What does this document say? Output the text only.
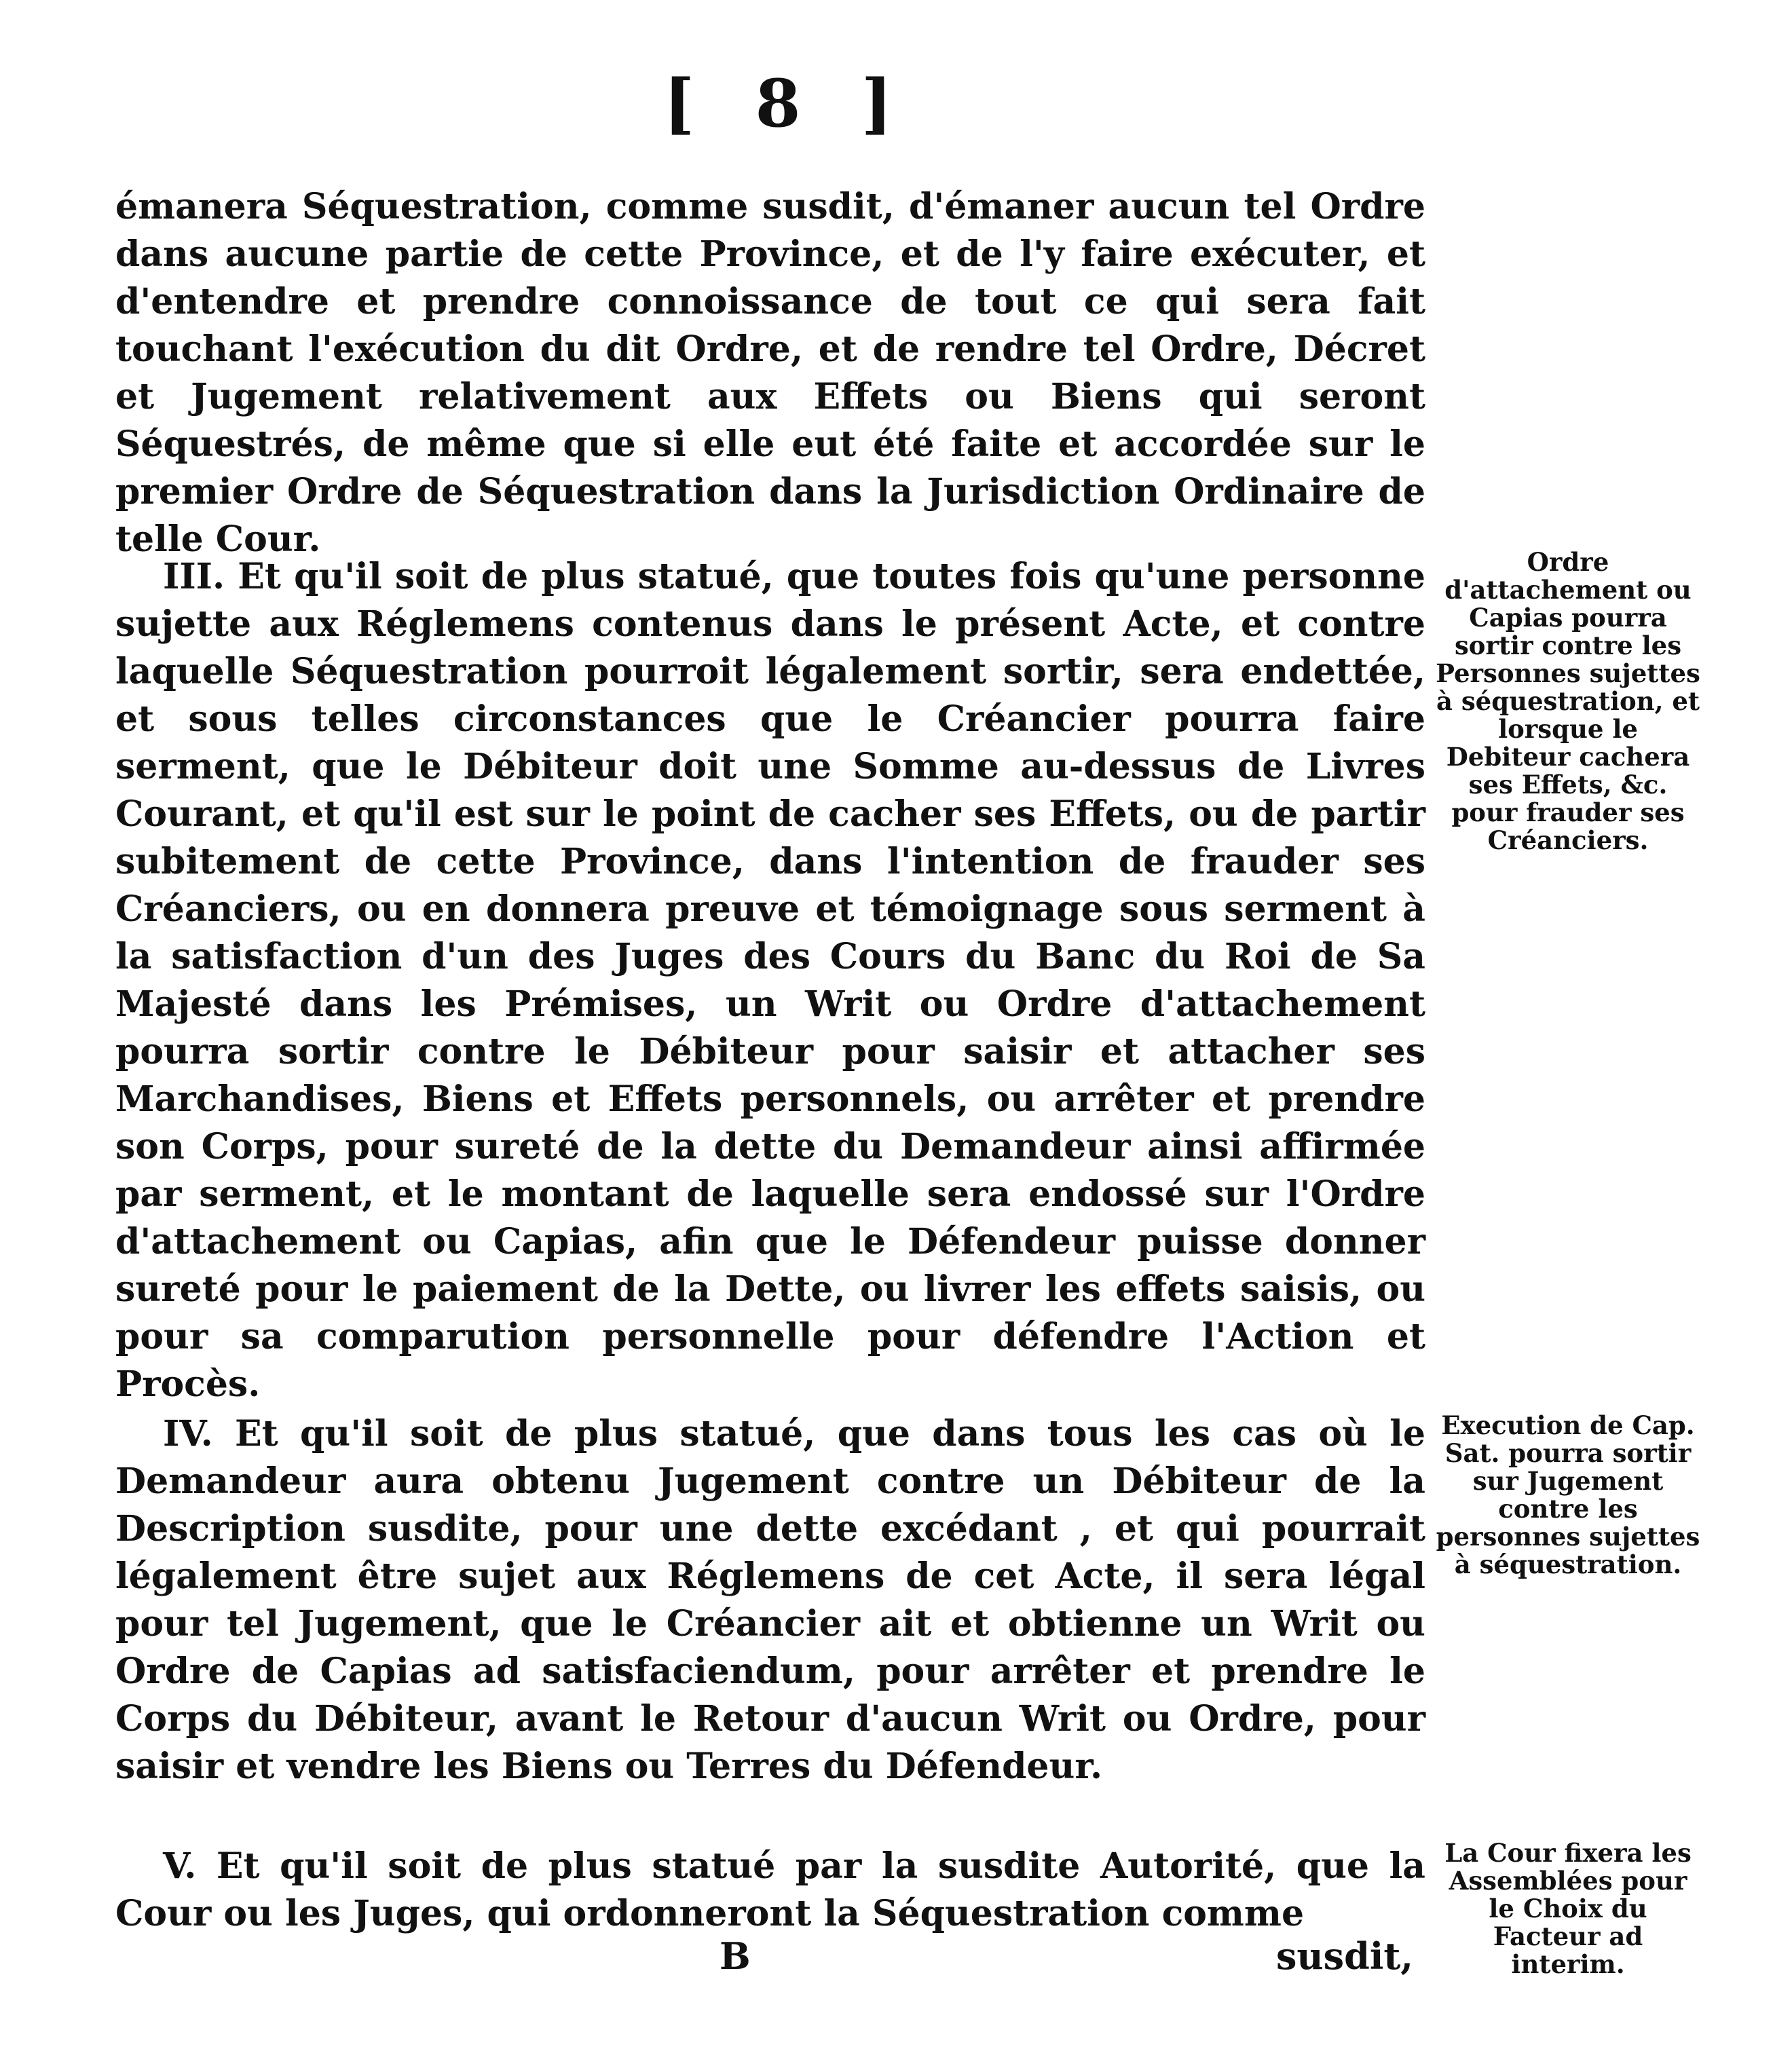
[ 8 ]

émanera Séquestration, comme susdit, d'émaner aucun tel Ordre dans aucune partie de cette Province, et de l'y faire exécuter, et d'entendre et prendre connoissance de tout ce qui sera fait touchant l'exécution du dit Ordre, et de rendre tel Ordre, Décret et Jugement relativement aux Effets ou Biens qui seront Séquestrés, de même que si elle eut été faite et accordée sur le premier Ordre de Séquestration dans la Jurisdiction Ordinaire de telle Cour.

III. Et qu'il soit de plus statué, que toutes fois qu'une personne sujette aux Réglemens contenus dans le présent Acte, et contre laquelle Séquestration pourroit légalement sortir, sera endettée, et sous telles circonstances que le Créancier pourra faire serment, que le Débiteur doit une Somme au-dessus de Livres Courant, et qu'il est sur le point de cacher ses Effets, ou de partir subitement de cette Province, dans l'intention de frauder ses Créanciers, ou en donnera preuve et témoignage sous serment à la satisfaction d'un des Juges des Cours du Banc du Roi de Sa Majesté dans les Prémises, un Writ ou Ordre d'attachement pourra sortir contre le Débiteur pour saisir et attacher ses Marchandises, Biens et Effets personnels, ou arrêter et prendre son Corps, pour sureté de la dette du Demandeur ainsi affirmée par serment, et le montant de laquelle sera endossé sur l'Ordre d'attachement ou Capias, afin que le Défendeur puisse donner sureté pour le paiement de la Dette, ou livrer les effets saisis, ou pour sa comparution personnelle pour défendre l'Action et Procès.

IV. Et qu'il soit de plus statué, que dans tous les cas où le Demandeur aura obtenu Jugement contre un Débiteur de la Description susdite, pour une dette excédant , et qui pourrait légalement être sujet aux Réglemens de cet Acte, il sera légal pour tel Jugement, que le Créancier ait et obtienne un Writ ou Ordre de Capias ad satisfaciendum, pour arrêter et prendre le Corps du Débiteur, avant le Retour d'aucun Writ ou Ordre, pour saisir et vendre les Biens ou Terres du Défendeur.

V. Et qu'il soit de plus statué par la susdite Autorité, que la Cour ou les Juges, qui ordonneront la Séquestration comme

Ordre d'attachement ou Capias pourra sortir contre les Personnes sujettes à séquestration, et lorsque le Debiteur cachera ses Effets, &c. pour frauder ses Créanciers.
Execution de Cap. Sat. pourra sortir sur Jugement contre les personnes sujettes à séquestration.
La Cour fixera les Assemblées pour le Choix du Facteur ad interim.
B	susdit,
